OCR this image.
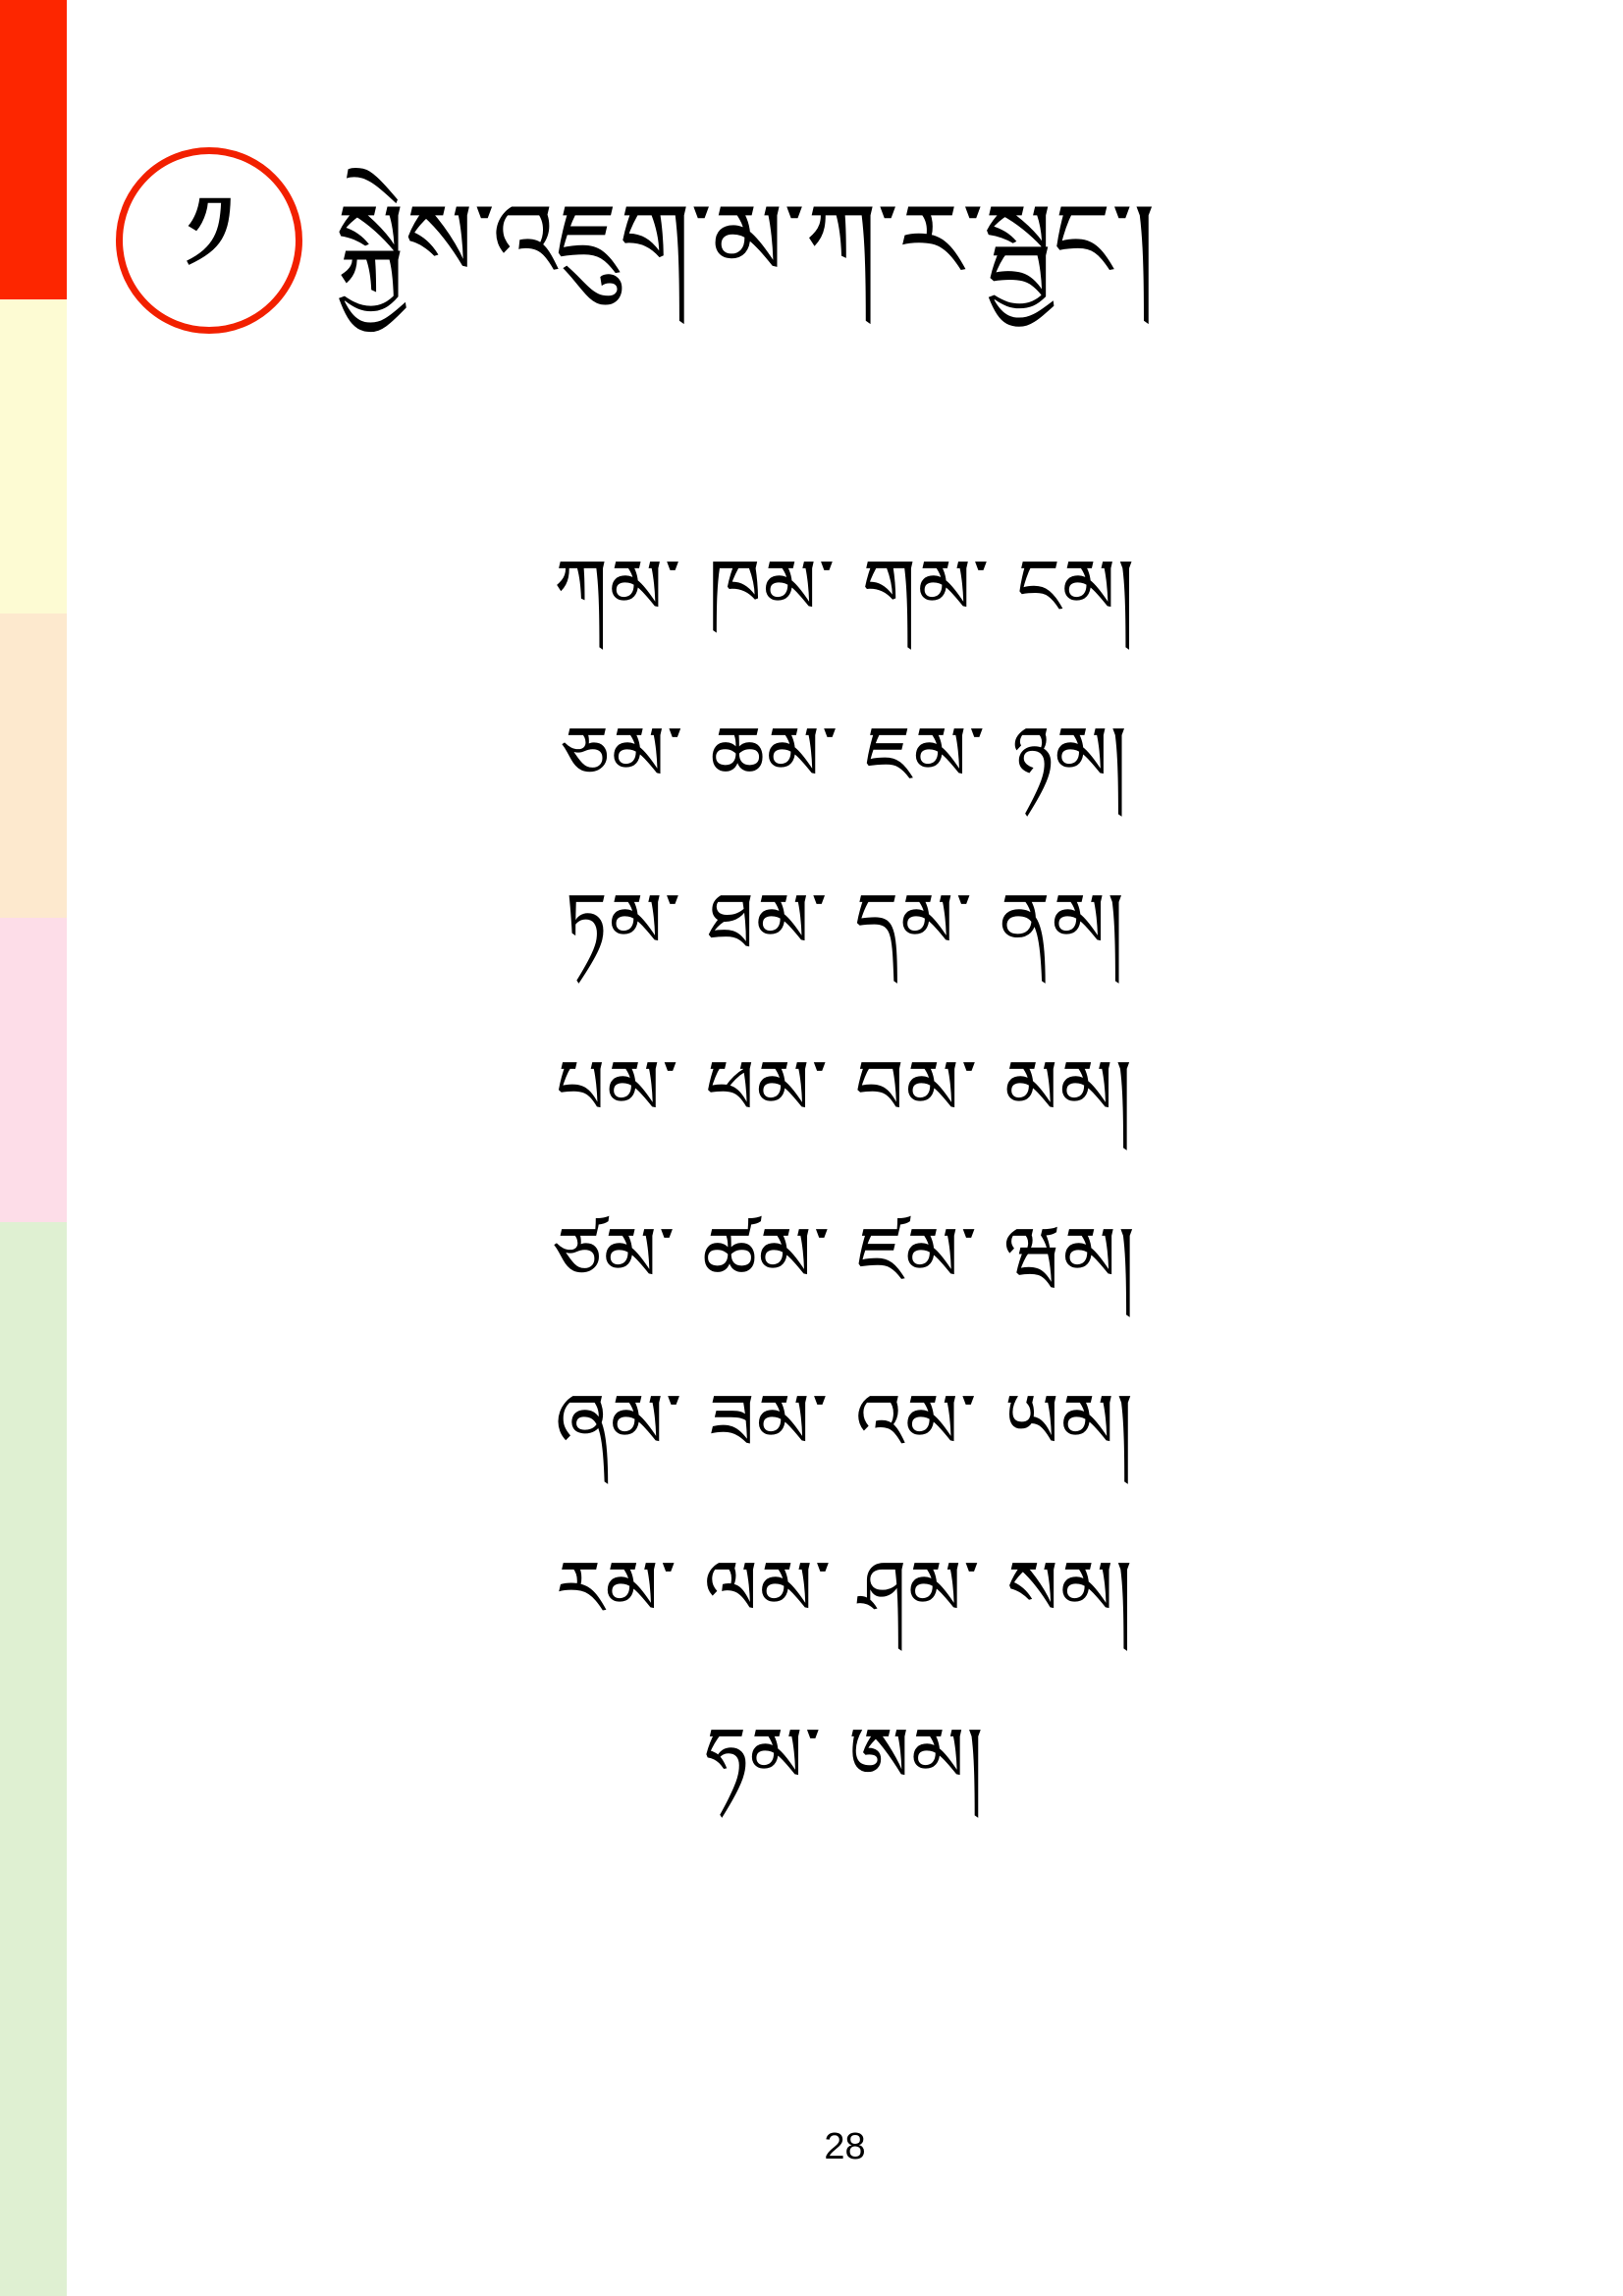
༡ སྐྱེས་འཇུག་མ་ཀ་ར་སྦྱང་།

ཀམ༌ ཁམ༌ གམ༌ ངམ།

ཅམ༌ ཆམ༌ ཇམ༌ ཉམ།

ཏམ༌ ཐམ༌ དམ༌ ནམ།

པམ༌ ཕམ༌ བམ༌ མམ།

ཙམ༌ ཚམ༌ ཛམ༌ ཝམ།

ཞམ༌ ཟམ༌ འམ༌ ཡམ།

རམ༌ ལམ༌ ཤམ༌ སམ།

ཧམ༌ ཨམ།

28
